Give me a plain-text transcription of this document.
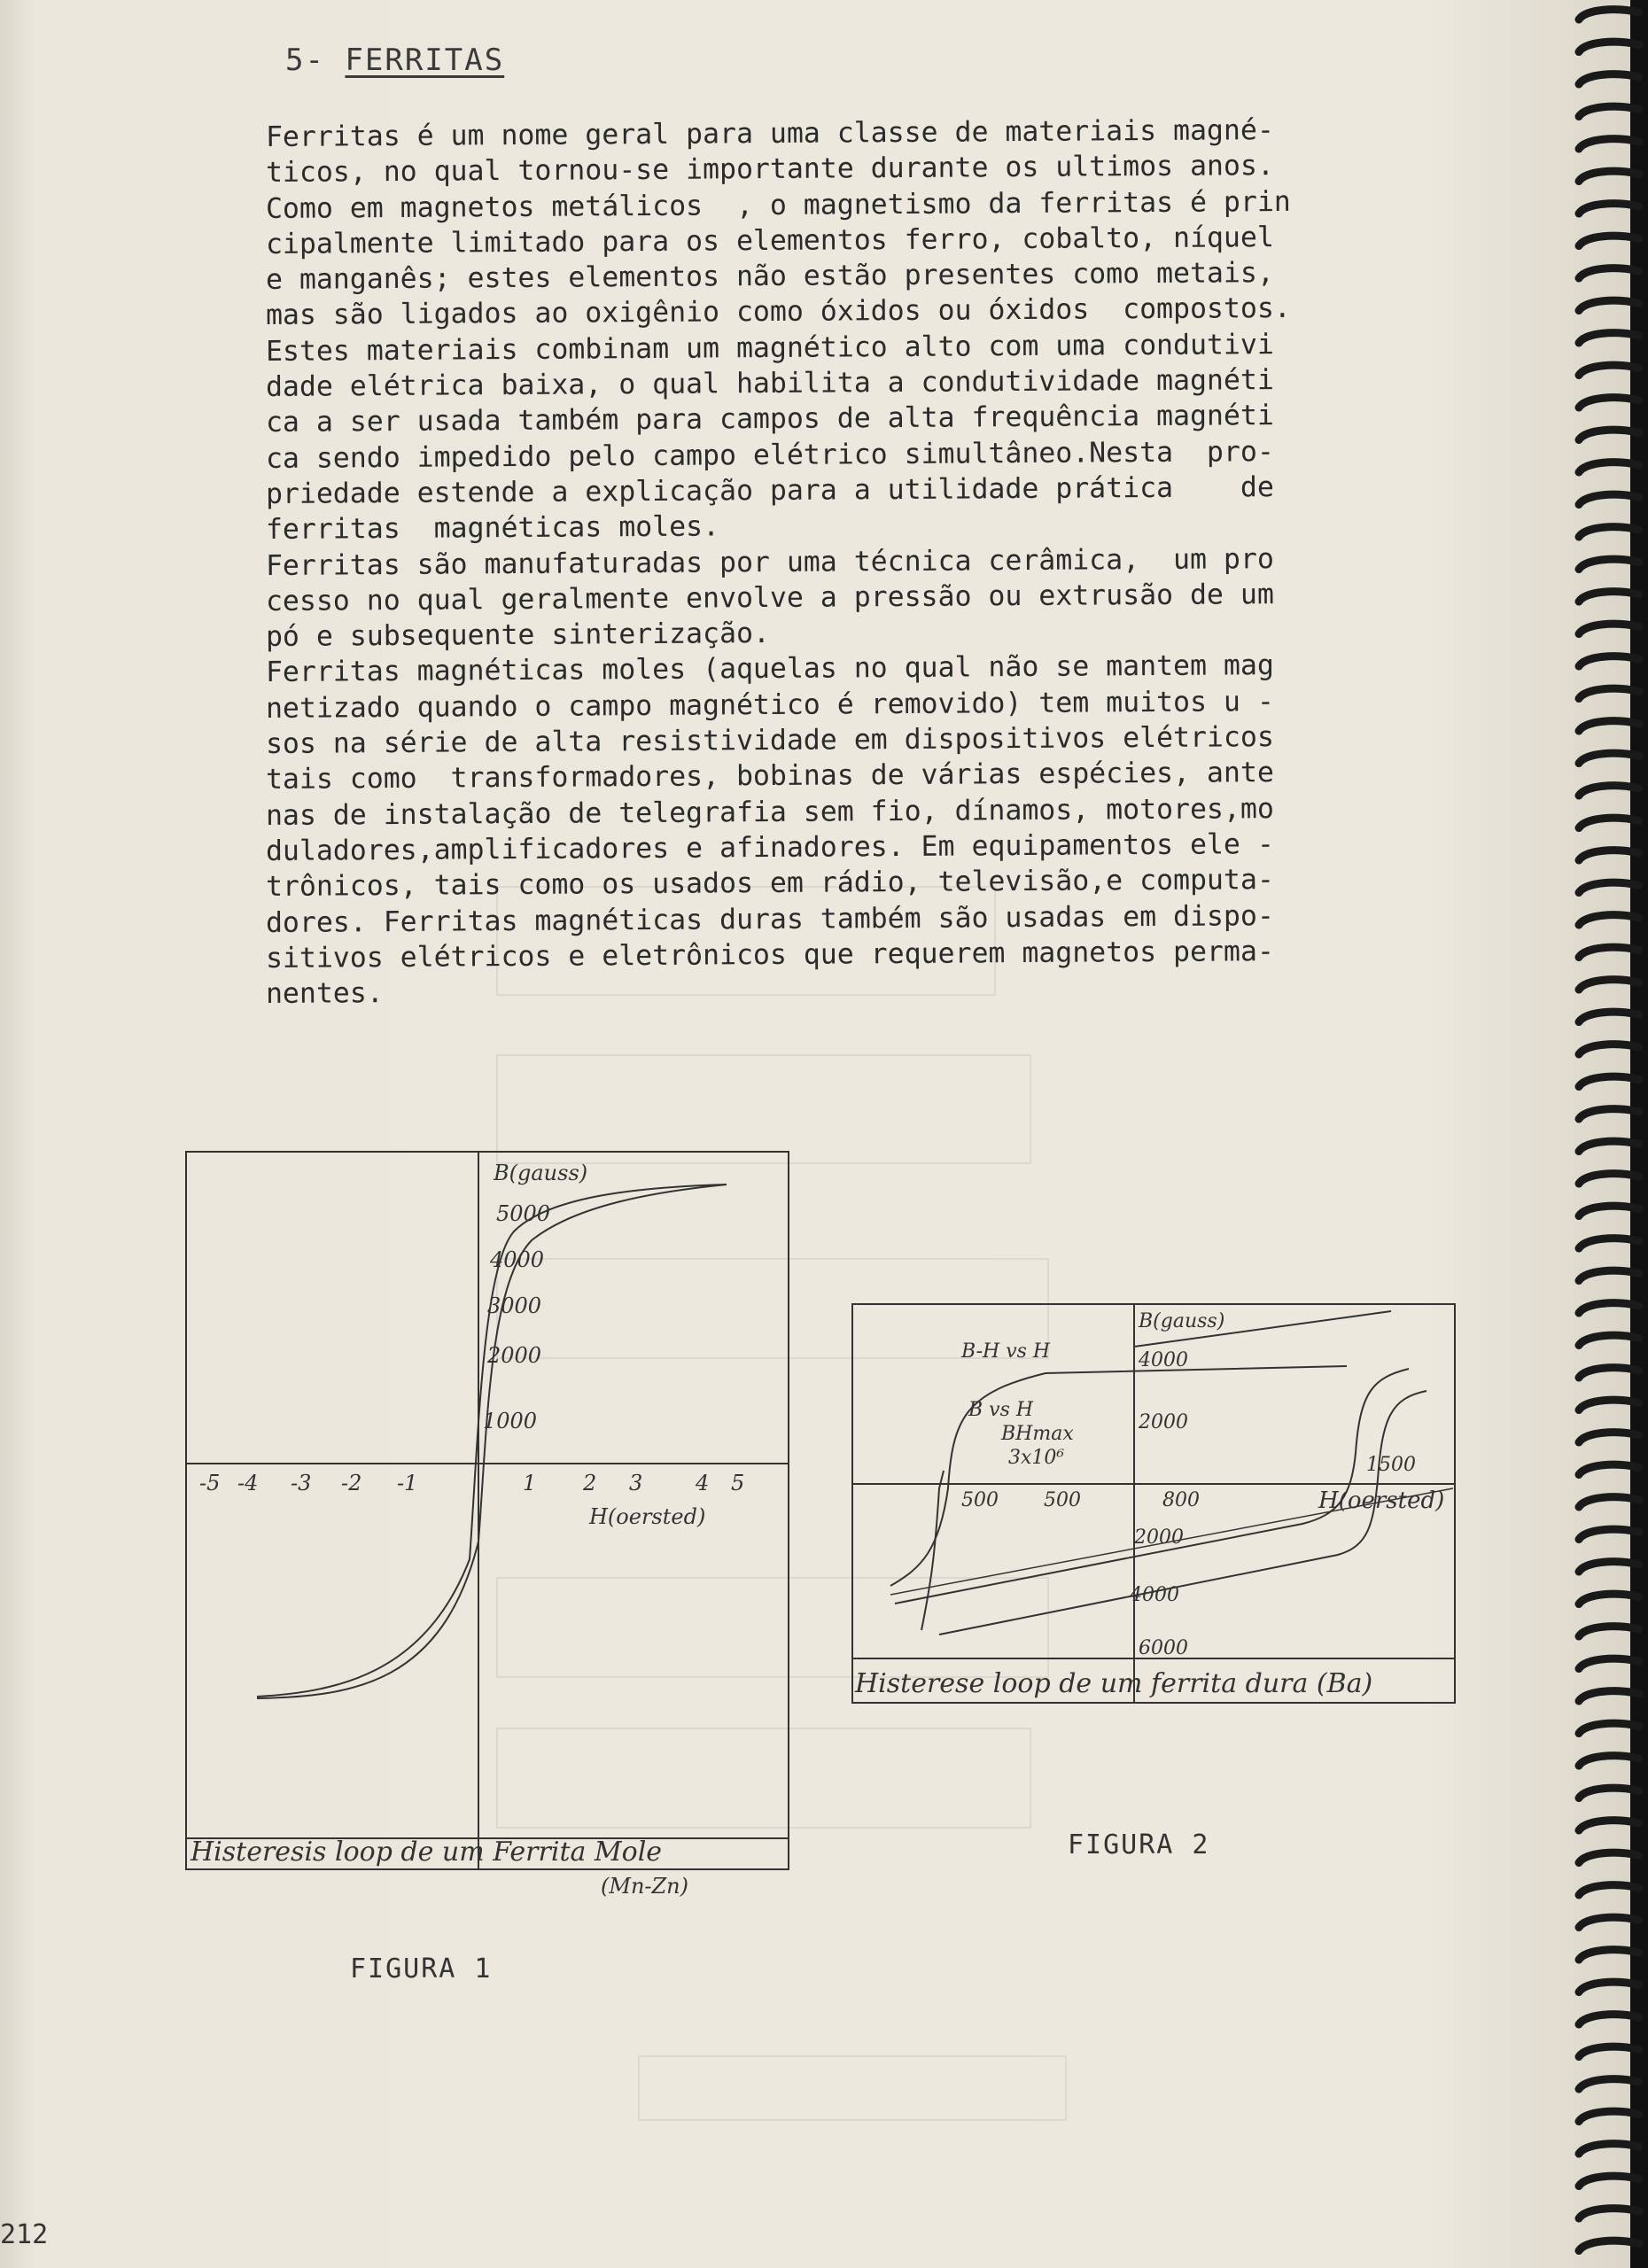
5- FERRITAS
Ferritas é um nome geral para uma classe de materiais magné-
ticos, no qual tornou-se importante durante os ultimos anos.
Como em magnetos metálicos  , o magnetismo da ferritas é prin
cipalmente limitado para os elementos ferro, cobalto, níquel
e manganês; estes elementos não estão presentes como metais,
mas são ligados ao oxigênio como óxidos ou óxidos  compostos.
Estes materiais combinam um magnético alto com uma condutivi
dade elétrica baixa, o qual habilita a condutividade magnéti
ca a ser usada também para campos de alta frequência magnéti
ca sendo impedido pelo campo elétrico simultâneo.Nesta  pro-
priedade estende a explicação para a utilidade prática    de
ferritas  magnéticas moles.
Ferritas são manufaturadas por uma técnica cerâmica,  um pro
cesso no qual geralmente envolve a pressão ou extrusão de um
pó e subsequente sinterização.
Ferritas magnéticas moles (aquelas no qual não se mantem mag
netizado quando o campo magnético é removido) tem muitos u -
sos na série de alta resistividade em dispositivos elétricos
tais como  transformadores, bobinas de várias espécies, ante
nas de instalação de telegrafia sem fio, dínamos, motores,mo
duladores,amplificadores e afinadores. Em equipamentos ele -
trônicos, tais como os usados em rádio, televisão,e computa-
dores. Ferritas magnéticas duras também são usadas em dispo-
sitivos elétricos e eletrônicos que requerem magnetos perma-
nentes.
B(gauss)
5000
4000
3000
2000
1000
-5 -4 -3 -2 -1	1 2 3 4 5
H(oersted)
Histeresis loop de um Ferrita Mole
(Mn-Zn)
B(gauss)
4000
2000
2000
4000
6000
500 500	800
1500
H(oersted)
B-H vs H
B vs H
BHmax
3x10⁶
Histerese loop de um ferrita dura (Ba)
FIGURA 1
FIGURA 2
212
